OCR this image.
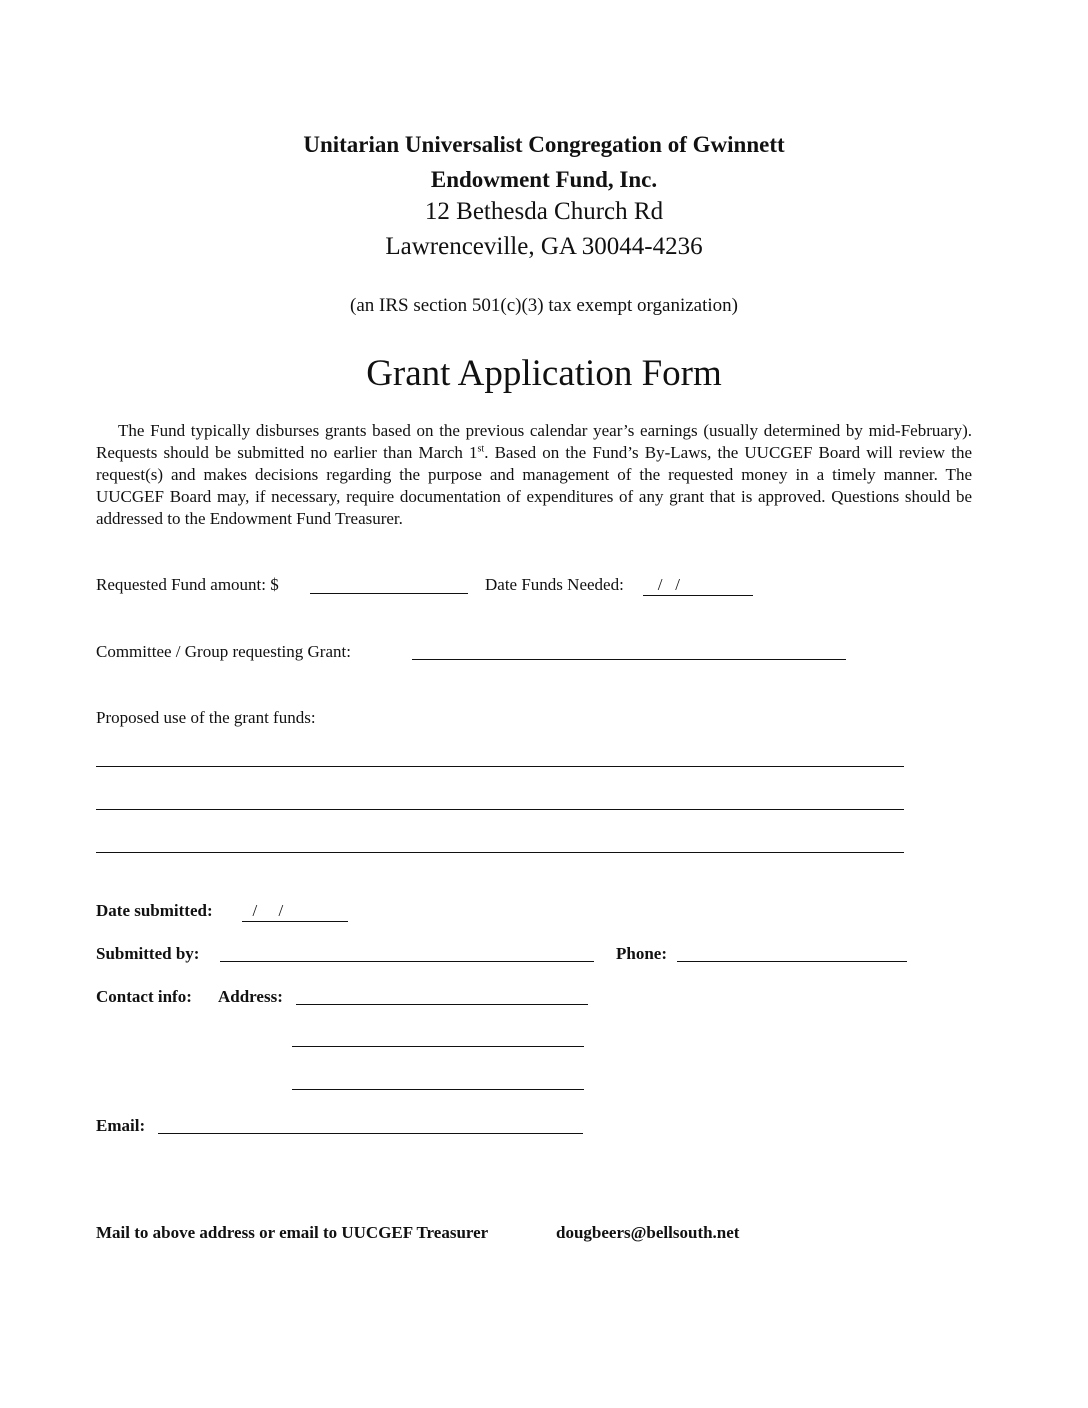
Unitarian Universalist Congregation of Gwinnett
Endowment Fund, Inc.
12 Bethesda Church Rd
Lawrenceville, GA 30044-4236
(an IRS section 501(c)(3) tax exempt organization)
Grant Application Form
The Fund typically disburses grants based on the previous calendar year’s earnings (usually determined by mid-February). Requests should be submitted no earlier than March 1st. Based on the Fund’s By-Laws, the UUCGEF Board will review the request(s) and makes decisions regarding the purpose and management of the requested money in a timely manner. The UUCGEF Board may, if necessary, require documentation of expenditures of any grant that is approved. Questions should be addressed to the Endowment Fund Treasurer.
Requested Fund amount: $	Date Funds Needed: /   /
Committee / Group requesting Grant:
Proposed use of the grant funds:
Date submitted: /     /
Submitted by:	Phone:
Contact info: Address:
Email:
Mail to above address or email to UUCGEF Treasurer	dougbeers@bellsouth.net
